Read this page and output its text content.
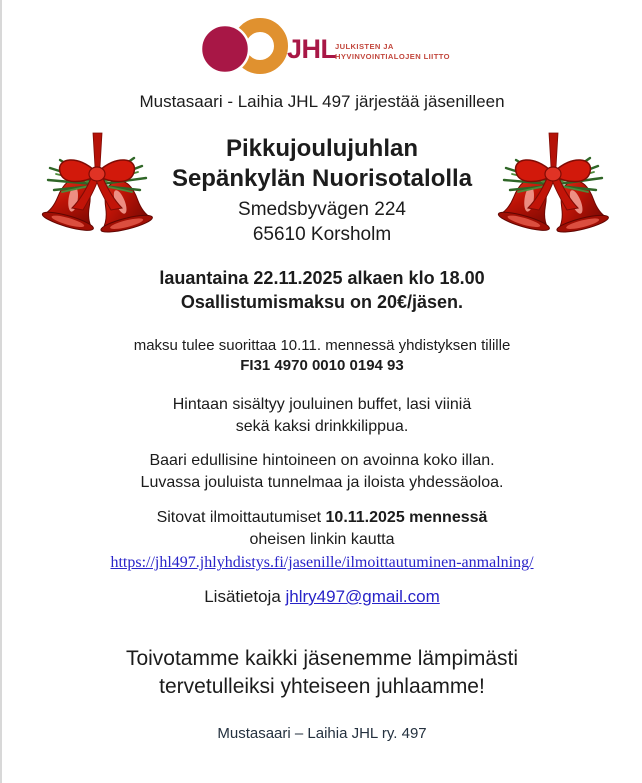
JHL
JULKISTEN JA
HYVINVOINTIALOJEN LIITTO
Mustasaari - Laihia JHL 497 järjestää jäsenilleen
Pikkujoulujuhlan
Sepänkylän Nuorisotalolla
Smedsbyvägen 224
65610 Korsholm
lauantaina 22.11.2025 alkaen klo 18.00
Osallistumismaksu on 20€/jäsen.
maksu tulee suorittaa 10.11. mennessä yhdistyksen tilille
FI31 4970 0010 0194 93
Hintaan sisältyy jouluinen buffet, lasi viiniä
sekä kaksi drinkkilippua.
Baari edullisine hintoineen on avoinna koko illan.
Luvassa jouluista tunnelmaa ja iloista yhdessäoloa.
Sitovat ilmoittautumiset 10.11.2025 mennessä
oheisen linkin kautta
https://jhl497.jhlyhdistys.fi/jasenille/ilmoittautuminen-anmalning/
Lisätietoja jhlry497@gmail.com
Toivotamme kaikki jäsenemme lämpimästi
tervetulleiksi yhteiseen juhlaamme!
Mustasaari – Laihia JHL ry. 497
